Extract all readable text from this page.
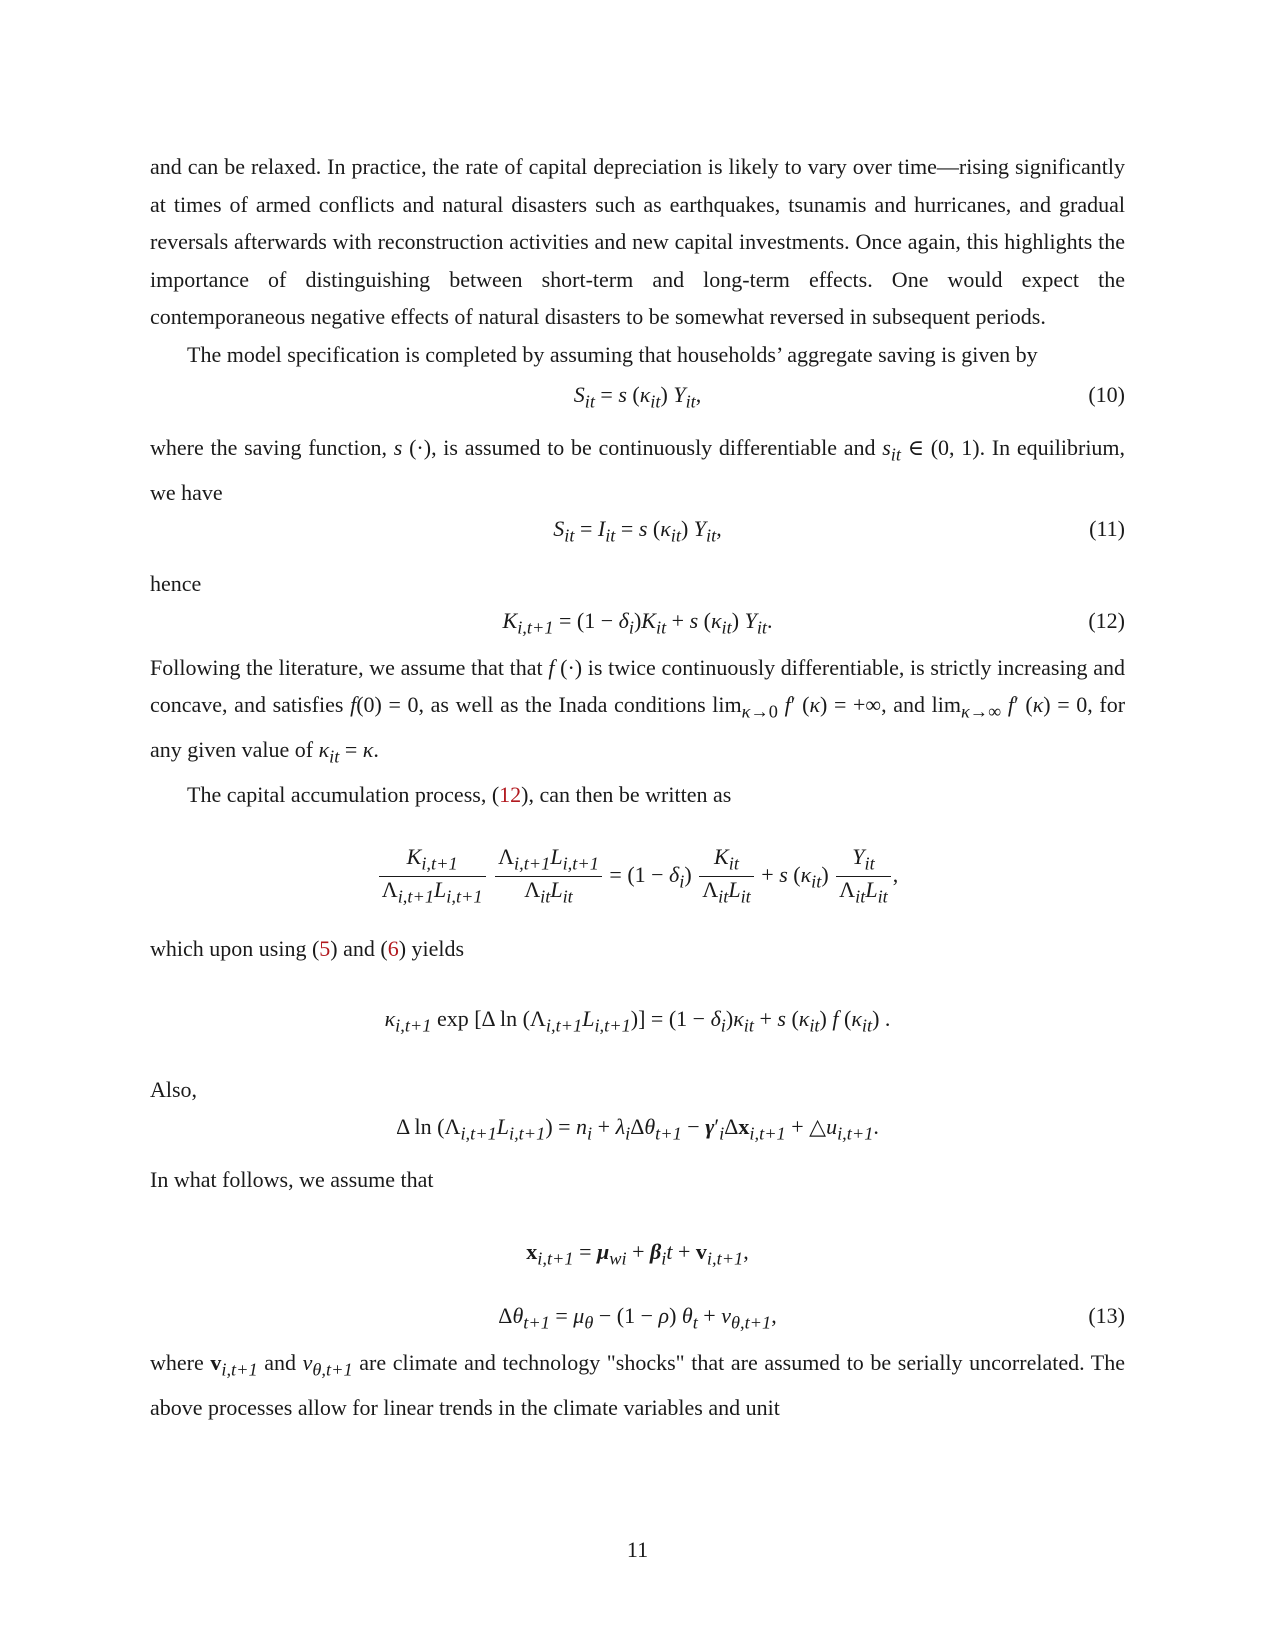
and can be relaxed. In practice, the rate of capital depreciation is likely to vary over time—rising significantly at times of armed conflicts and natural disasters such as earthquakes, tsunamis and hurricanes, and gradual reversals afterwards with reconstruction activities and new capital investments. Once again, this highlights the importance of distinguishing between short-term and long-term effects. One would expect the contemporaneous negative effects of natural disasters to be somewhat reversed in subsequent periods.

The model specification is completed by assuming that households’ aggregate saving is given by

$S_{it} = s$ $(\kappa_{it})$ $Y_{it}$,	(10)

where the saving function, s (·), is assumed to be continuously differentiable and $s_{it}$ ∈ (0, 1). In equilibrium, we have

$S_{it} = I_{it} = s$ $(\kappa_{it})$ $Y_{it}$,	(11)

hence

$K_{i,t+1} = (1 - \delta_i)K_{it} + s$ $(\kappa_{it})$ $Y_{it}$.	(12)

Following the literature, we assume that that f (·) is twice continuously differentiable, is strictly increasing and concave, and satisfies f(0) = 0, as well as the Inada conditions $\lim_{\kappa\to 0} f'$ (κ) = +∞, and $\lim_{\kappa\to\infty} f'$ (κ) = 0, for any given value of $\kappa_{it} = \kappa$.

The capital accumulation process, (12), can then be written as

$\frac{K_{i,t+1}}{\Lambda_{i,t+1}L_{i,t+1}}$
$\frac{\Lambda_{i,t+1}L_{i,t+1}}{\Lambda_{it}L_{it}} = (1 - \delta_i) \frac{K_{it}}{\Lambda_{it}L_{it}} + s$ $(\kappa_{it}) \frac{Y_{it}}{\Lambda_{it}L_{it}}$ ,

which upon using (5) and (6) yields

$\kappa_{i,t+1}$ exp [Δ $\ln (\Lambda_{i,t+1}L_{i,t+1})] = (1 - \delta_i)\kappa_{it} + s$ $(\kappa_{it})$ f $(\kappa_{it})$ .

Also,

Δ $\ln (\Lambda_{i,t+1}L_{i,t+1}) = n_i + \lambda_i\Delta\theta_{t+1} - \gamma'_i\Delta x_{i,t+1}$ + $\triangle u_{i,t+1}$.

In what follows, we assume that

$x_{i,t+1} = \mu_{wi} + \beta_it + v_{i,t+1}$,
$\Delta\theta_{t+1} = \mu_\theta - (1 - \rho) \theta_t + v_{\theta,t+1}$,	(13)

where $v_{i,t+1}$ and $v_{\theta,t+1}$ are climate and technology "shocks" that are assumed to be serially uncorrelated. The above processes allow for linear trends in the climate variables and unit

11
